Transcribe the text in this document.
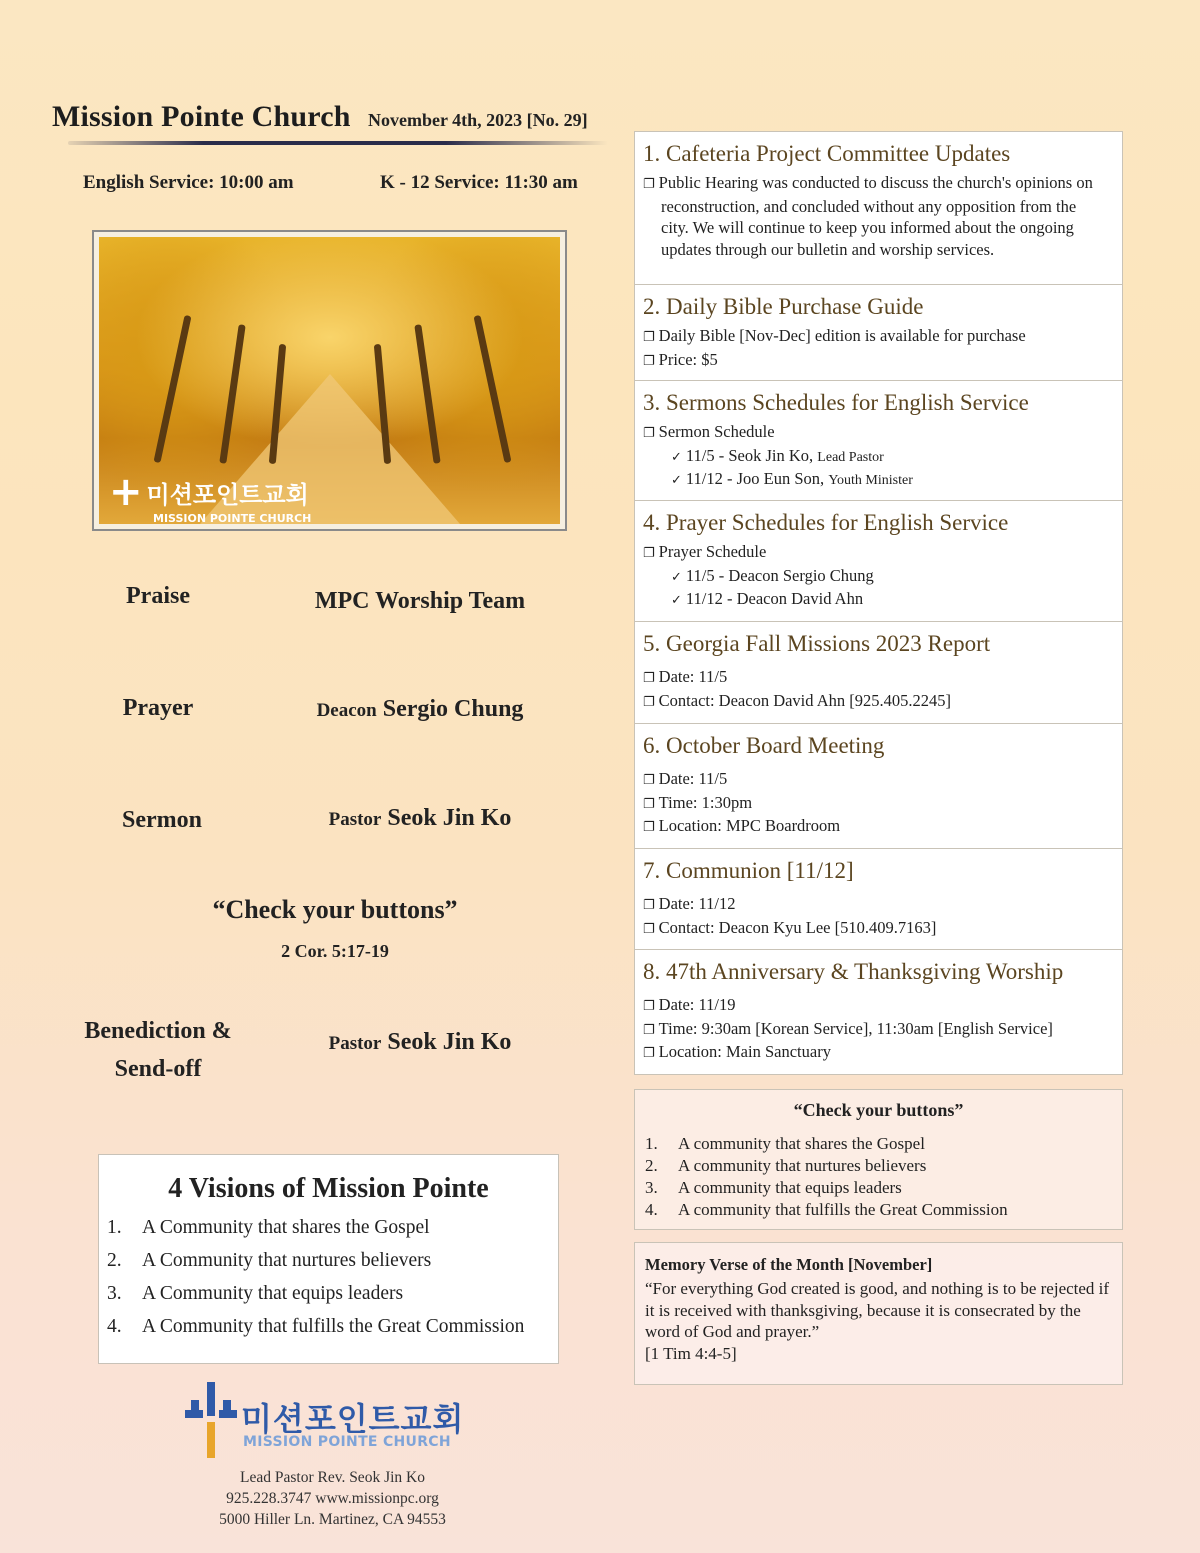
Mission Pointe Church November 4th, 2023 [No. 29]
English Service: 10:00 am	K - 12 Service: 11:30 am
+ 미션포인트교회
MISSION POINTE CHURCH
Praise	MPC Worship Team
Prayer	Deacon Sergio Chung
Sermon	Pastor Seok Jin Ko
“Check your buttons”
2 Cor. 5:17-19
Benediction &
Send-off
Pastor Seok Jin Ko
4 Visions of Mission Pointe
1.	A Community that shares the Gospel
2.	A Community that nurtures believers
3.	A Community that equips leaders
4.	A Community that fulfills the Great Commission
미션포인트교회
MISSION POINTE CHURCH
Lead Pastor Rev. Seok Jin Ko
925.228.3747 www.missionpc.org
5000 Hiller Ln. Martinez, CA 94553
1. Cafeteria Project Committee Updates
❐ Public Hearing was conducted to discuss the church's opinions on reconstruction, and concluded without any opposition from the city. We will continue to keep you informed about the ongoing updates through our bulletin and worship services.
2. Daily Bible Purchase Guide
❐ Daily Bible [Nov-Dec] edition is available for purchase
❐ Price: $5
3. Sermons Schedules for English Service
❐ Sermon Schedule
✓ 11/5 - Seok Jin Ko, Lead Pastor
✓ 11/12 - Joo Eun Son, Youth Minister
4. Prayer Schedules for English Service
❐ Prayer Schedule
✓ 11/5 - Deacon Sergio Chung
✓ 11/12 - Deacon David Ahn
5. Georgia Fall Missions 2023 Report
❐ Date: 11/5
❐ Contact: Deacon David Ahn [925.405.2245]
6. October Board Meeting
❐ Date: 11/5
❐ Time: 1:30pm
❐ Location: MPC Boardroom
7. Communion [11/12]
❐ Date: 11/12
❐ Contact: Deacon Kyu Lee [510.409.7163]
8. 47th Anniversary & Thanksgiving Worship
❐ Date: 11/19
❐ Time: 9:30am [Korean Service], 11:30am [English Service]
❐ Location: Main Sanctuary
“Check your buttons”
1.	A community that shares the Gospel
2.	A community that nurtures believers
3.	A community that equips leaders
4.	A community that fulfills the Great Commission
Memory Verse of the Month [November]
“For everything God created is good, and nothing is to be rejected if it is received with thanksgiving, because it is consecrated by the word of God and prayer.”
[1 Tim 4:4-5]
